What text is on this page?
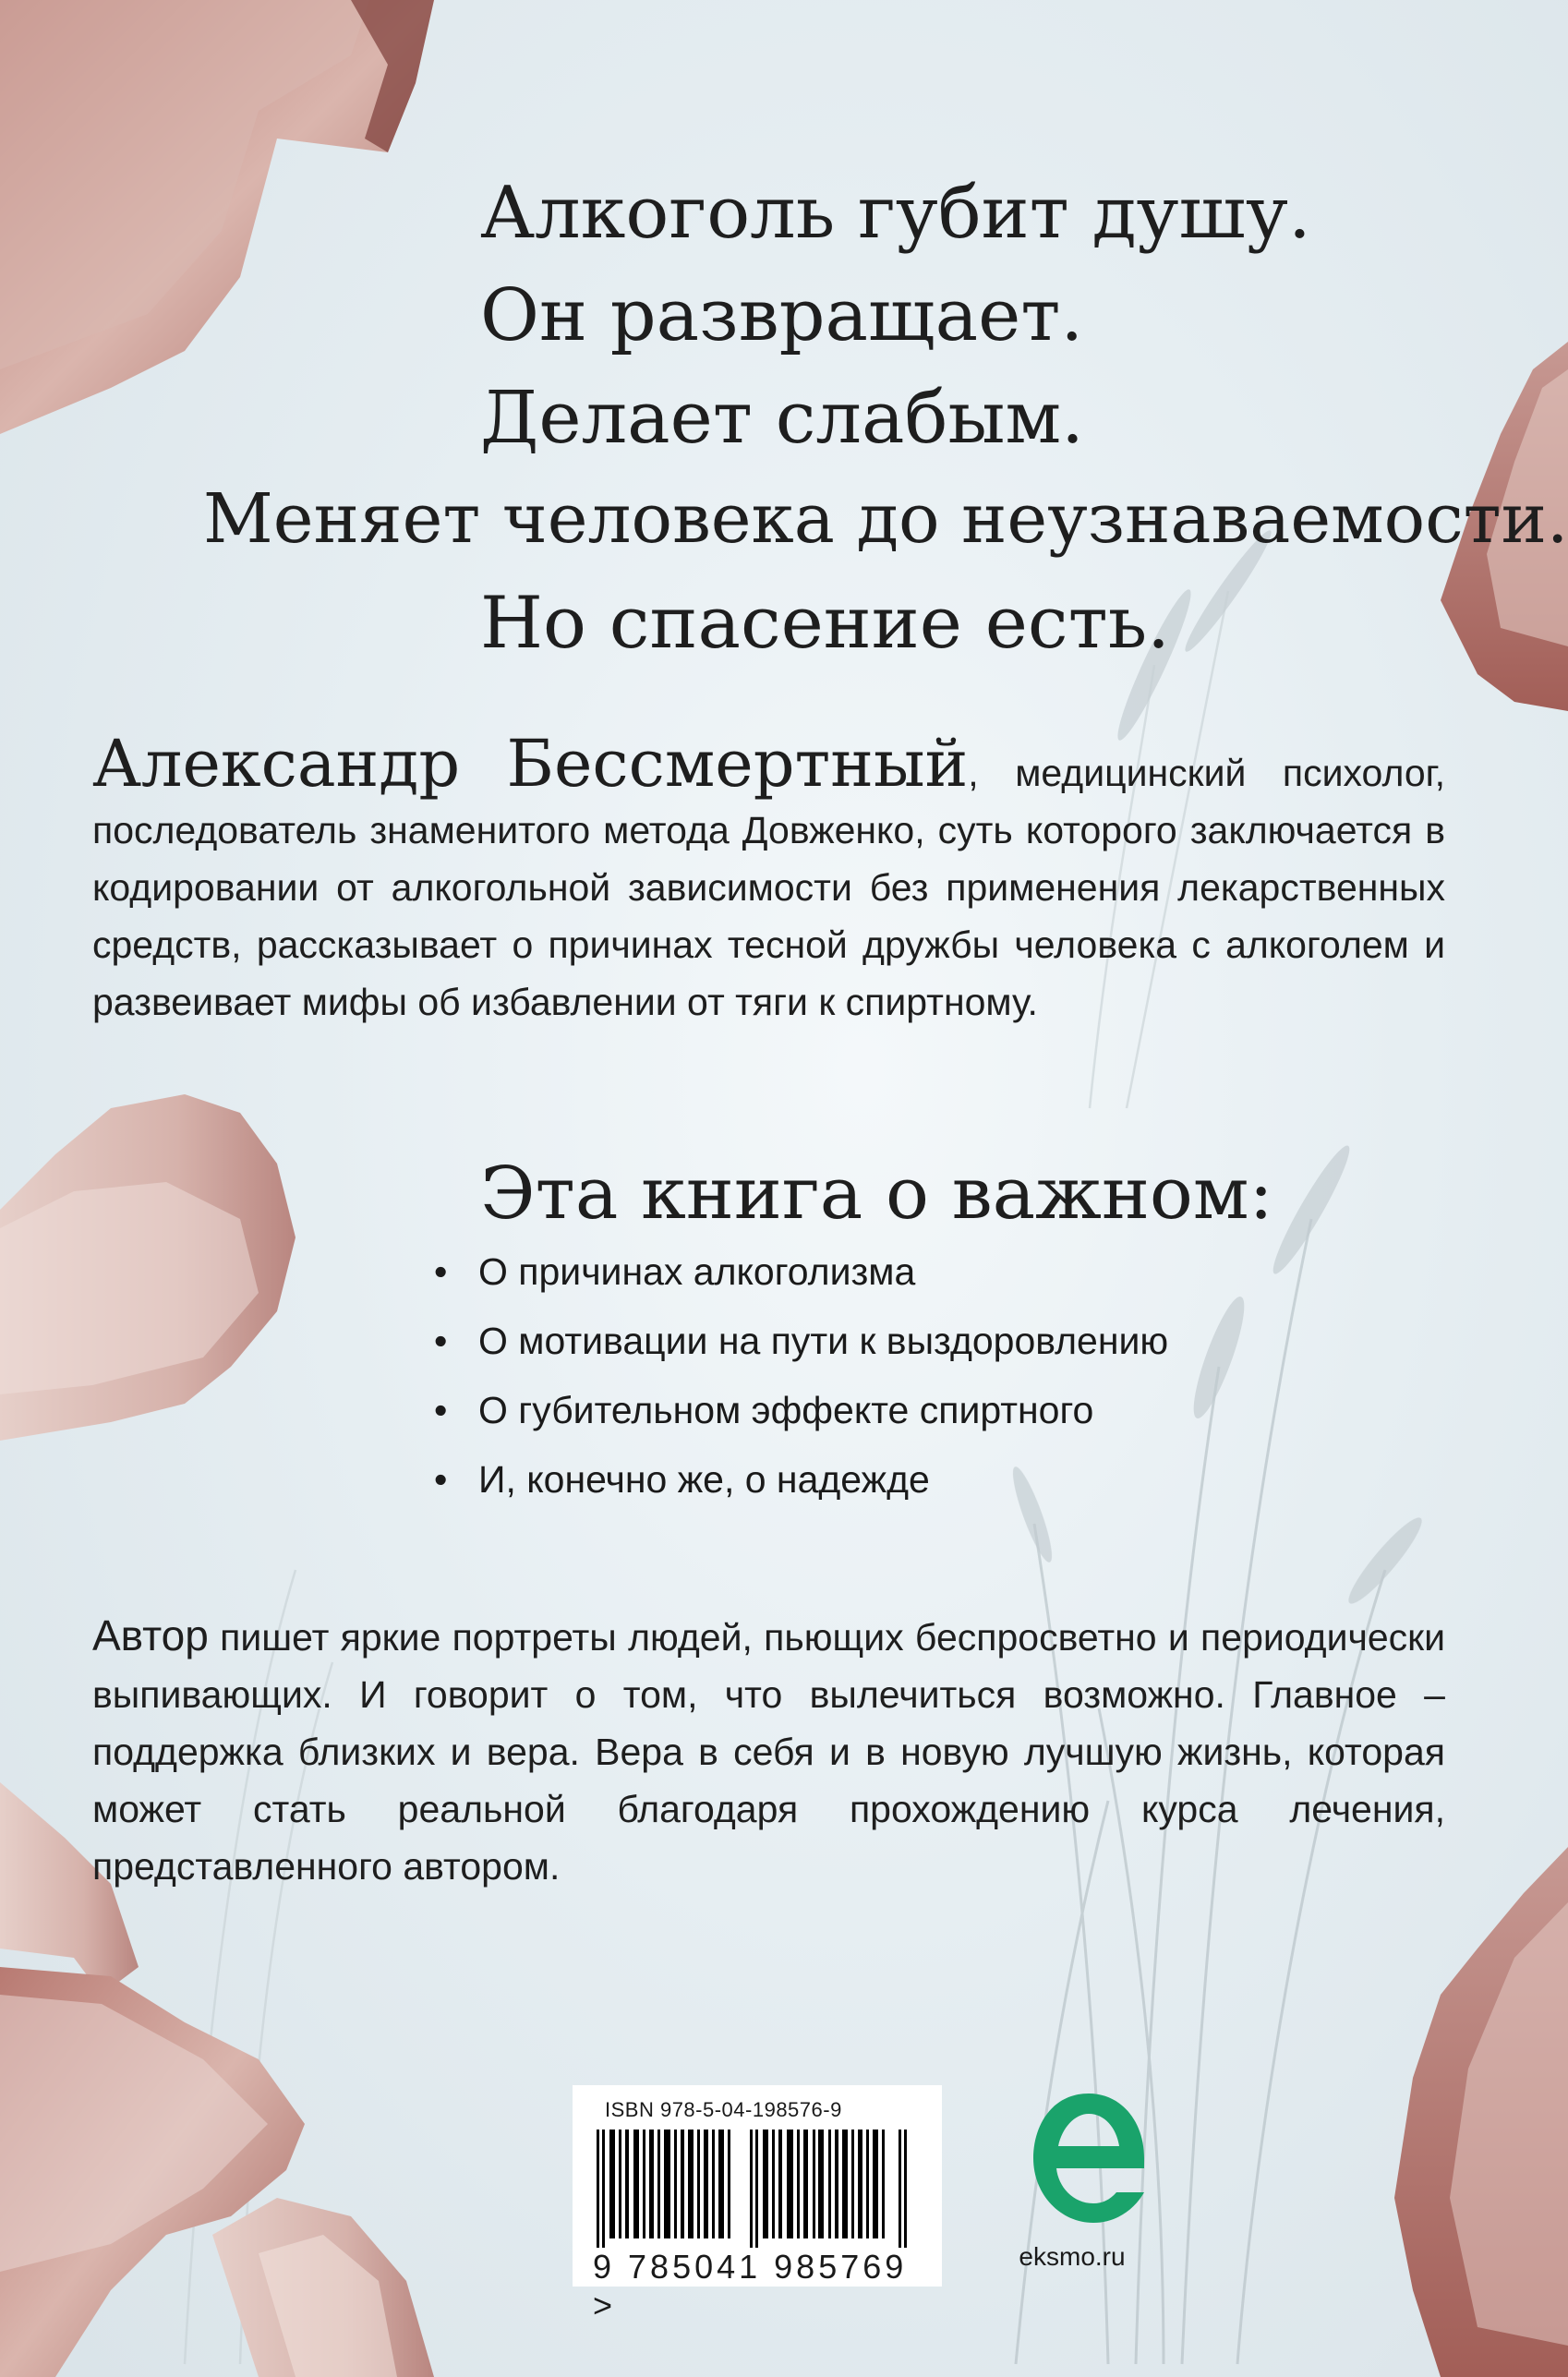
Алкоголь губит душу.
Он развращает.
Делает слабым.
Меняет человека до неузнаваемости.
Но спасение есть.
Александр Бессмертный, медицинский психолог, последователь знаменитого метода Довженко, суть которого заключается в кодировании от алкогольной зависимости без применения лекарственных средств, рассказывает о причинах тесной дружбы человека с алкоголем и развеивает мифы об избавлении от тяги к спиртному.
Эта книга о важном:
• О причинах алкоголизма
• О мотивации на пути к выздоровлению
• О губительном эффекте спиртного
• И, конечно же, о надежде
Автор пишет яркие портреты людей, пьющих беспросветно и периодически выпивающих. И говорит о том, что вылечиться возможно. Главное – поддержка близких и вера. Вера в себя и в новую лучшую жизнь, которая может стать реальной благодаря прохождению курса лечения, представленного автором.
ISBN 978-5-04-198576-9
9 785041 985769 >
eksmo.ru
